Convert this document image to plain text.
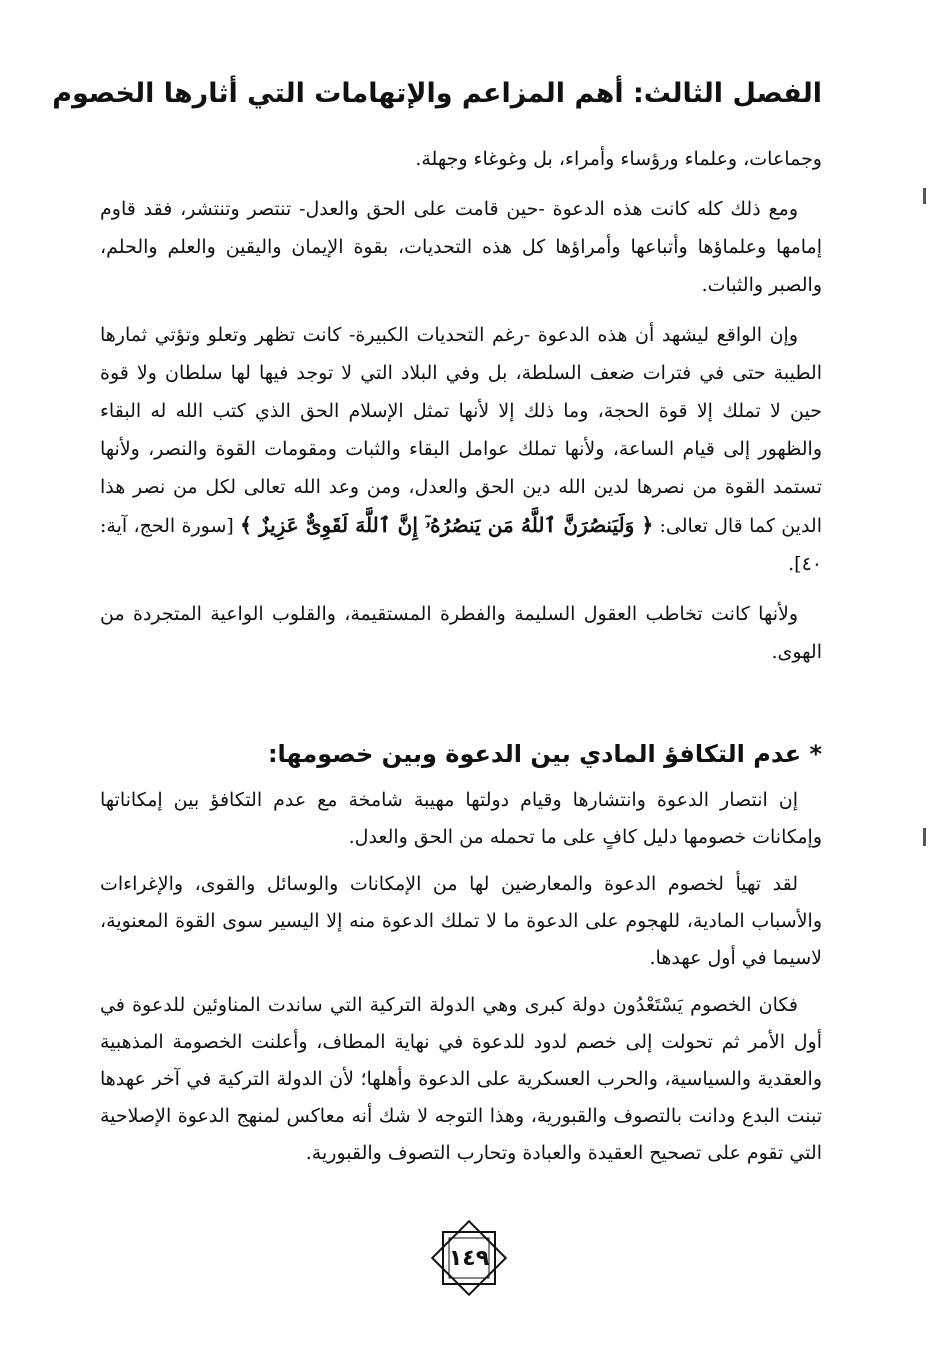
الفصل الثالث: أهم المزاعم والإتهامات التي أثارها الخصوم

وجماعات، وعلماء ورؤساء وأمراء، بل وغوغاء وجهلة.

ومع ذلك كله كانت هذه الدعوة -حين قامت على الحق والعدل- تنتصر وتنتشر، فقد قاوم إمامها وعلماؤها وأتباعها وأمراؤها كل هذه التحديات، بقوة الإيمان واليقين والعلم والحلم، والصبر والثبات.

وإن الواقع ليشهد أن هذه الدعوة -رغم التحديات الكبيرة- كانت تظهر وتعلو وتؤتي ثمارها الطيبة حتى في فترات ضعف السلطة، بل وفي البلاد التي لا توجد فيها لها سلطان ولا قوة حين لا تملك إلا قوة الحجة، وما ذلك إلا لأنها تمثل الإسلام الحق الذي كتب الله له البقاء والظهور إلى قيام الساعة، ولأنها تملك عوامل البقاء والثبات ومقومات القوة والنصر، ولأنها تستمد القوة من نصرها لدين الله دين الحق والعدل، ومن وعد الله تعالى لكل من نصر هذا الدين كما قال تعالى: ﴿ وَلَيَنصُرَنَّ ٱللَّهُ مَن يَنصُرُهُۥٓ إِنَّ ٱللَّهَ لَقَوِىٌّ عَزِيزٌ ﴾ [سورة الحج، آية: ٤٠].

ولأنها كانت تخاطب العقول السليمة والفطرة المستقيمة، والقلوب الواعية المتجردة من الهوى.

* عدم التكافؤ المادي بين الدعوة وبين خصومها:

إن انتصار الدعوة وانتشارها وقيام دولتها مهيبة شامخة مع عدم التكافؤ بين إمكاناتها وإمكانات خصومها دليل كافٍ على ما تحمله من الحق والعدل.

لقد تهيأ لخصوم الدعوة والمعارضين لها من الإمكانات والوسائل والقوى، والإغراءات والأسباب المادية، للهجوم على الدعوة ما لا تملك الدعوة منه إلا اليسير سوى القوة المعنوية، لاسيما في أول عهدها.

فكان الخصوم يَسْتَعْدُون دولة كبرى وهي الدولة التركية التي ساندت المناوئين للدعوة في أول الأمر ثم تحولت إلى خصم لدود للدعوة في نهاية المطاف، وأعلنت الخصومة المذهبية والعقدية والسياسية، والحرب العسكرية على الدعوة وأهلها؛ لأن الدولة التركية في آخر عهدها تبنت البدع ودانت بالتصوف والقبورية، وهذا التوجه لا شك أنه معاكس لمنهج الدعوة الإصلاحية التي تقوم على تصحيح العقيدة والعبادة وتحارب التصوف والقبورية.

١٤٩
